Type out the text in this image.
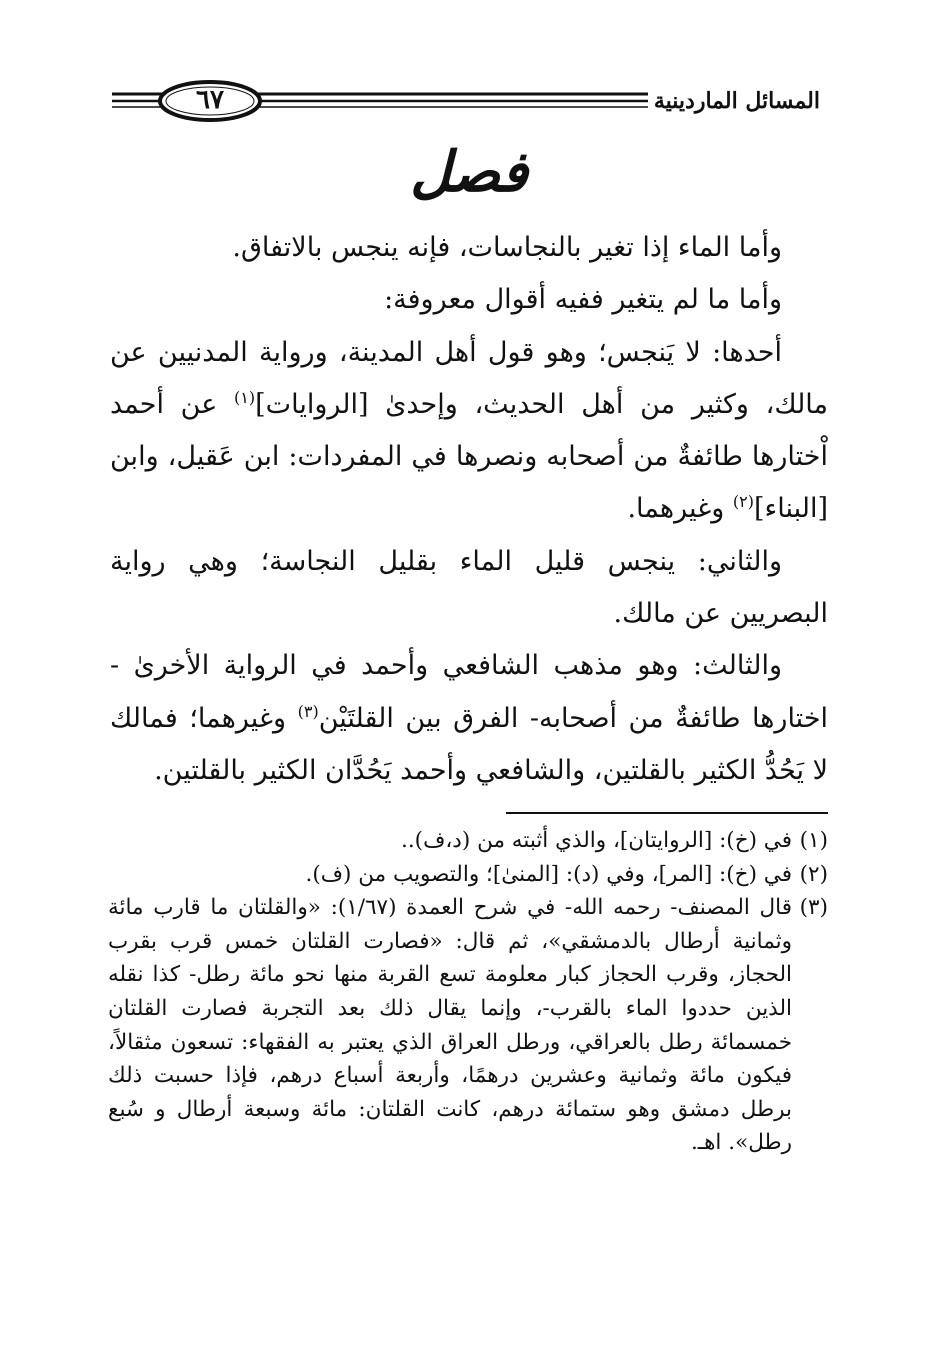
٦٧	المسائل الماردينية
فصل

وأما الماء إذا تغير بالنجاسات، فإنه ينجس بالاتفاق.

وأما ما لم يتغير ففيه أقوال معروفة:

أحدها: لا يَنجس؛ وهو قول أهل المدينة، ورواية المدنيين عن مالك، وكثير من أهل الحديث، وإحدىٰ [الروايات]$^{(١)}$ عن أحمد اْختارها طائفةٌ من أصحابه ونصرها في المفردات: ابن عَقيل، وابن [البناء]$^{(٢)}$ وغيرهما.

والثاني: ينجس قليل الماء بقليل النجاسة؛ وهي رواية البصريين عن مالك.

والثالث: وهو مذهب الشافعي وأحمد في الرواية الأخرىٰ - اختارها طائفةٌ من أصحابه- الفرق بين القلتَيْن$^{(٣)}$ وغيرهما؛ فمالك لا يَحُدُّ الكثير بالقلتين، والشافعي وأحمد يَحُدَّان الكثير بالقلتين.

(١)في (خ): [الروايتان]، والذي أثبته من (د،ف)..

(٢)في (خ): [المر]، وفي (د): [المنىٰ]؛ والتصويب من (ف).

(٣)قال المصنف- رحمه الله- في شرح العمدة (١/٦٧): «والقلتان ما قارب مائة وثمانية أرطال بالدمشقي»، ثم قال: «فصارت القلتان خمس قرب بقرب الحجاز، وقرب الحجاز كبار معلومة تسع القربة منها نحو مائة رطل- كذا نقله الذين حددوا الماء بالقرب-، وإنما يقال ذلك بعد التجربة فصارت القلتان خمسمائة رطل بالعراقي، ورطل العراق الذي يعتبر به الفقهاء: تسعون مثقالاً، فيكون مائة وثمانية وعشرين درهمًا، وأربعة أسباع درهم، فإذا حسبت ذلك برطل دمشق وهو ستمائة درهم، كانت القلتان: مائة وسبعة أرطال و سُبع رطل». اهـ.
